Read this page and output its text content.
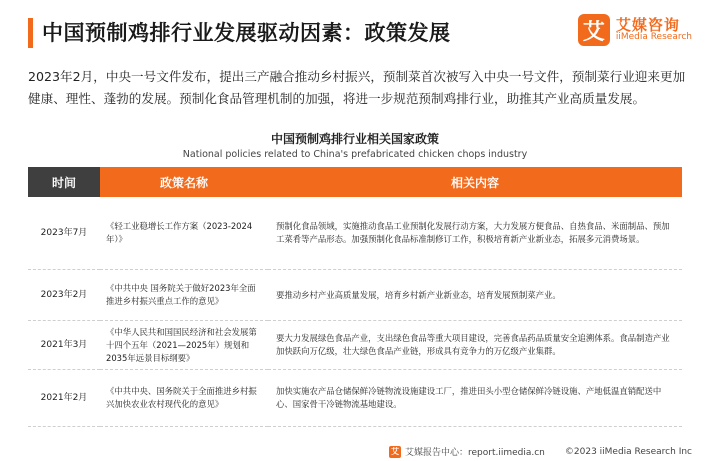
中国预制鸡排行业发展驱动因素：政策发展	艾 艾媒咨询
iiMedia Research
2023年2月，中央一号文件发布，提出三产融合推动乡村振兴，预制菜首次被写入中央一号文件，预制菜行业迎来更加健康、理性、蓬勃的发展。预制化食品管理机制的加强，将进一步规范预制鸡排行业，助推其产业高质量发展。
中国预制鸡排行业相关国家政策
National policies related to China's prefabricated chicken chops industry
时间	政策名称	相关内容
2023年7月	《轻工业稳增长工作方案（2023-2024年）》	预制化食品领域，实施推动食品工业预制化发展行动方案，大力发展方便食品、自热食品、米面制品、预加工菜肴等产品形态。加强预制化食品标准制修订工作，积极培育新产业新业态，拓展多元消费场景。
2023年2月	《中共中央 国务院关于做好2023年全面推进乡村振兴重点工作的意见》	要推动乡村产业高质量发展，培育乡村新产业新业态，培育发展预制菜产业。
2021年3月	《中华人民共和国国民经济和社会发展第十四个五年（2021—2025年）规划和2035年远景目标纲要》	要大力发展绿色食品产业，支出绿色食品等重大项目建设，完善食品药品质量安全追溯体系。食品制造产业加快跃向万亿级，壮大绿色食品产业链，形成具有竞争力的万亿级产业集群。
2021年2月	《中共中央、国务院关于全面推进乡村振兴加快农业农村现代化的意见》	加快实施农产品仓储保鲜冷链物流设施建设工厂，推进田头小型仓储保鲜冷链设施、产地低温直销配送中心、国家骨干冷链物流基地建设。
艾 艾媒报告中心：report.iimedia.cn ©2023 iiMedia Research Inc
